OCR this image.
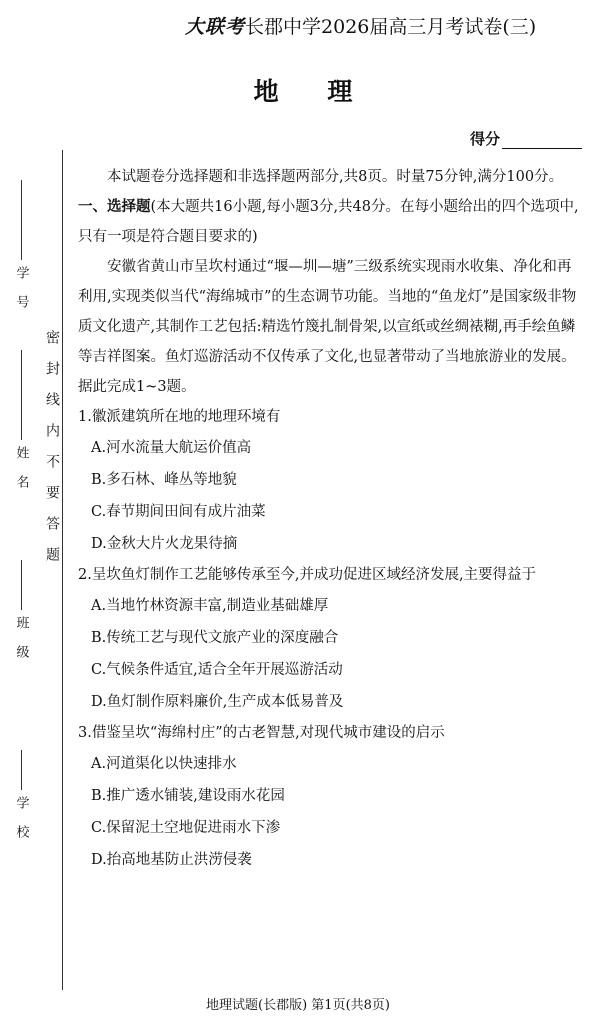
学 号
姓 名
班 级
学 校
密封线内不要答题
大联考长郡中学2026届高三月考试卷(三)
地 理
得分

本试题卷分选择题和非选择题两部分,共8页。时量75分钟,满分100分。

一、选择题(本大题共16小题,每小题3分,共48分。在每小题给出的四个选项中,只有一项是符合题目要求的)

安徽省黄山市呈坎村通过“堰—圳—塘”三级系统实现雨水收集、净化和再利用,实现类似当代“海绵城市”的生态调节功能。当地的“鱼龙灯”是国家级非物质文化遗产,其制作工艺包括:精选竹篾扎制骨架,以宣纸或丝绸裱糊,再手绘鱼鳞等吉祥图案。鱼灯巡游活动不仅传承了文化,也显著带动了当地旅游业的发展。据此完成1~3题。

1.徽派建筑所在地的地理环境有

A.河水流量大航运价值高

B.多石林、峰丛等地貌

C.春节期间田间有成片油菜

D.金秋大片火龙果待摘

2.呈坎鱼灯制作工艺能够传承至今,并成功促进区域经济发展,主要得益于

A.当地竹林资源丰富,制造业基础雄厚

B.传统工艺与现代文旅产业的深度融合

C.气候条件适宜,适合全年开展巡游活动

D.鱼灯制作原料廉价,生产成本低易普及

3.借鉴呈坎“海绵村庄”的古老智慧,对现代城市建设的启示

A.河道渠化以快速排水

B.推广透水铺装,建设雨水花园

C.保留泥土空地促进雨水下渗

D.抬高地基防止洪涝侵袭

地理试题(长郡版) 第1页(共8页)
